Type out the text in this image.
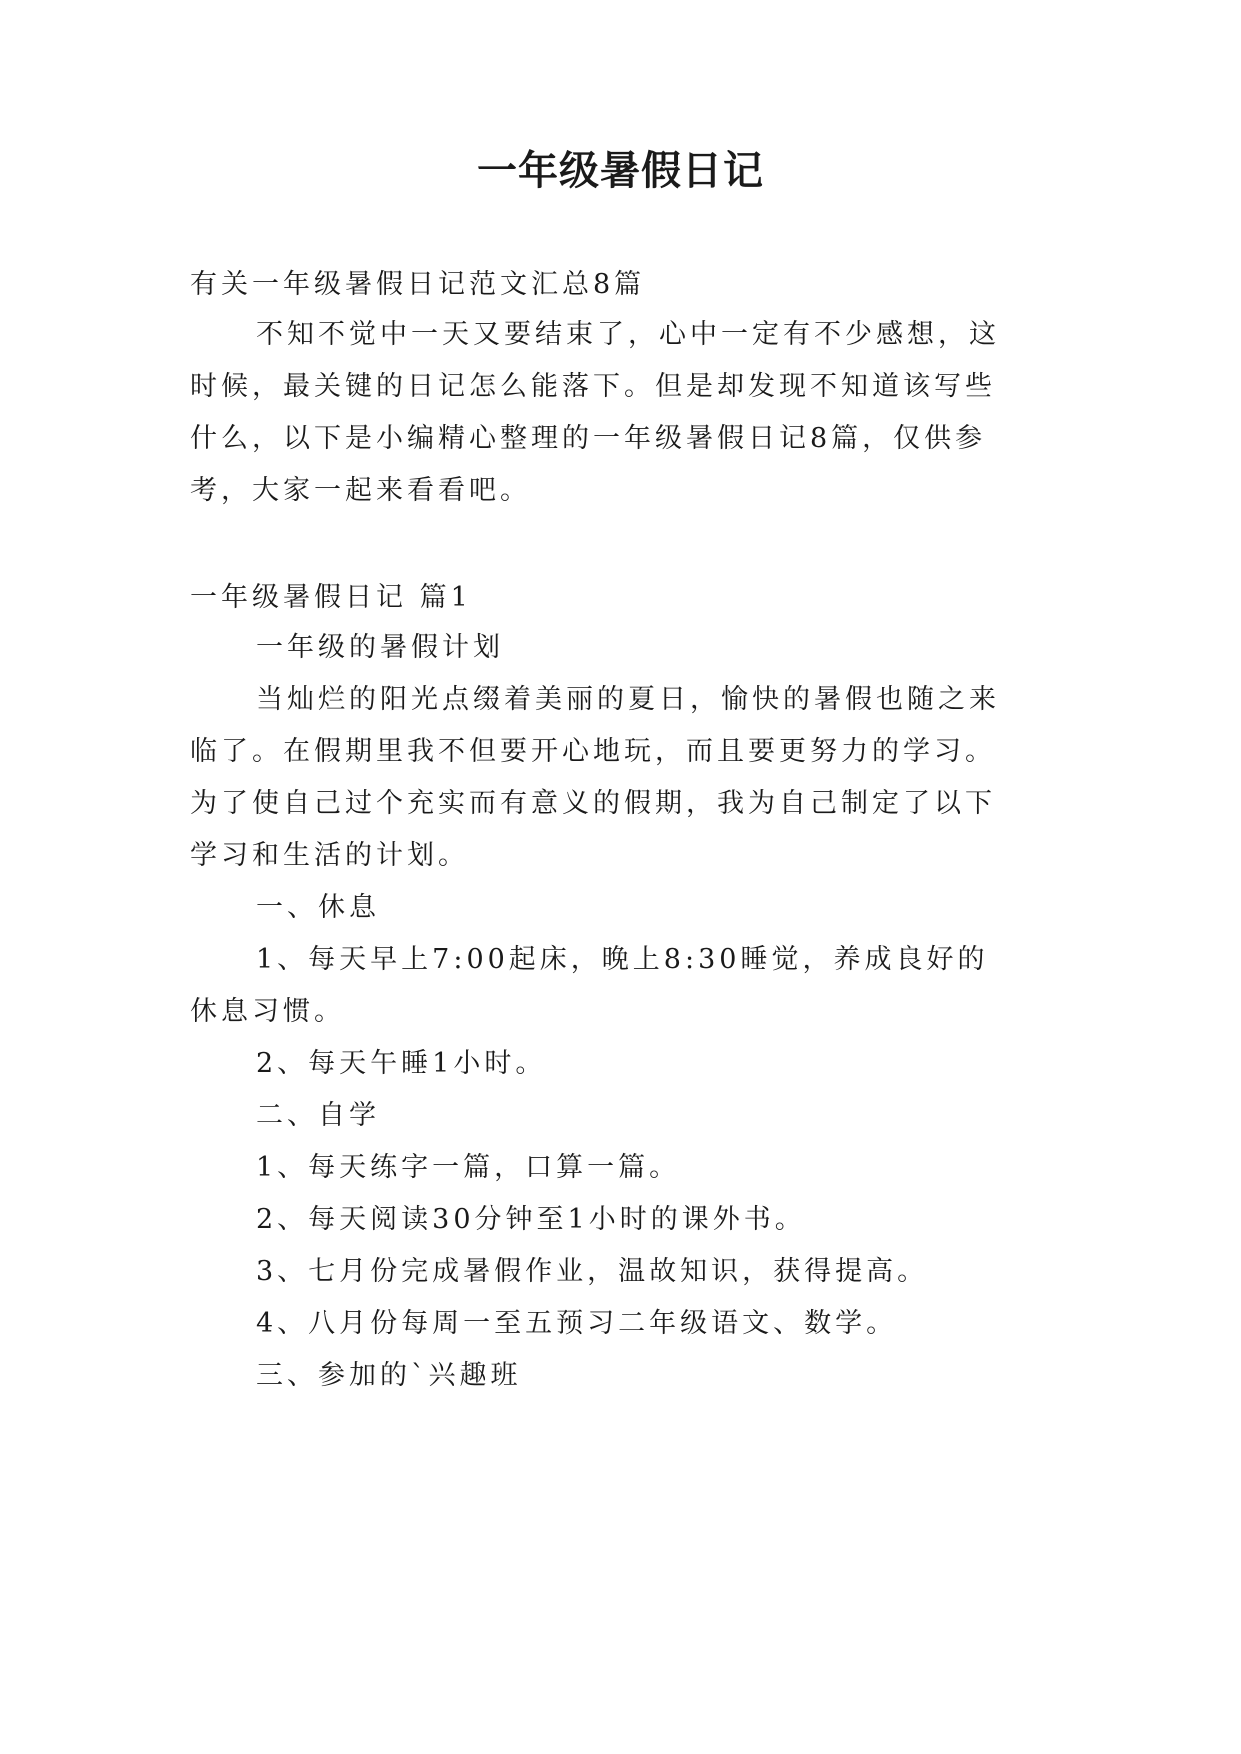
一年级暑假日记
有关一年级暑假日记范文汇总8篇
不知不觉中一天又要结束了，心中一定有不少感想，这
时候，最关键的日记怎么能落下。但是却发现不知道该写些
什么，以下是小编精心整理的一年级暑假日记8篇，仅供参
考，大家一起来看看吧。
一年级暑假日记 篇1
一年级的暑假计划
当灿烂的阳光点缀着美丽的夏日，愉快的暑假也随之来
临了。在假期里我不但要开心地玩，而且要更努力的学习。
为了使自己过个充实而有意义的假期，我为自己制定了以下
学习和生活的计划。
一、休息
1、每天早上7:00起床，晚上8:30睡觉，养成良好的
休息习惯。
2、每天午睡1小时。
二、自学
1、每天练字一篇，口算一篇。
2、每天阅读30分钟至1小时的课外书。
3、七月份完成暑假作业，温故知识，获得提高。
4、八月份每周一至五预习二年级语文、数学。
三、参加的`兴趣班
